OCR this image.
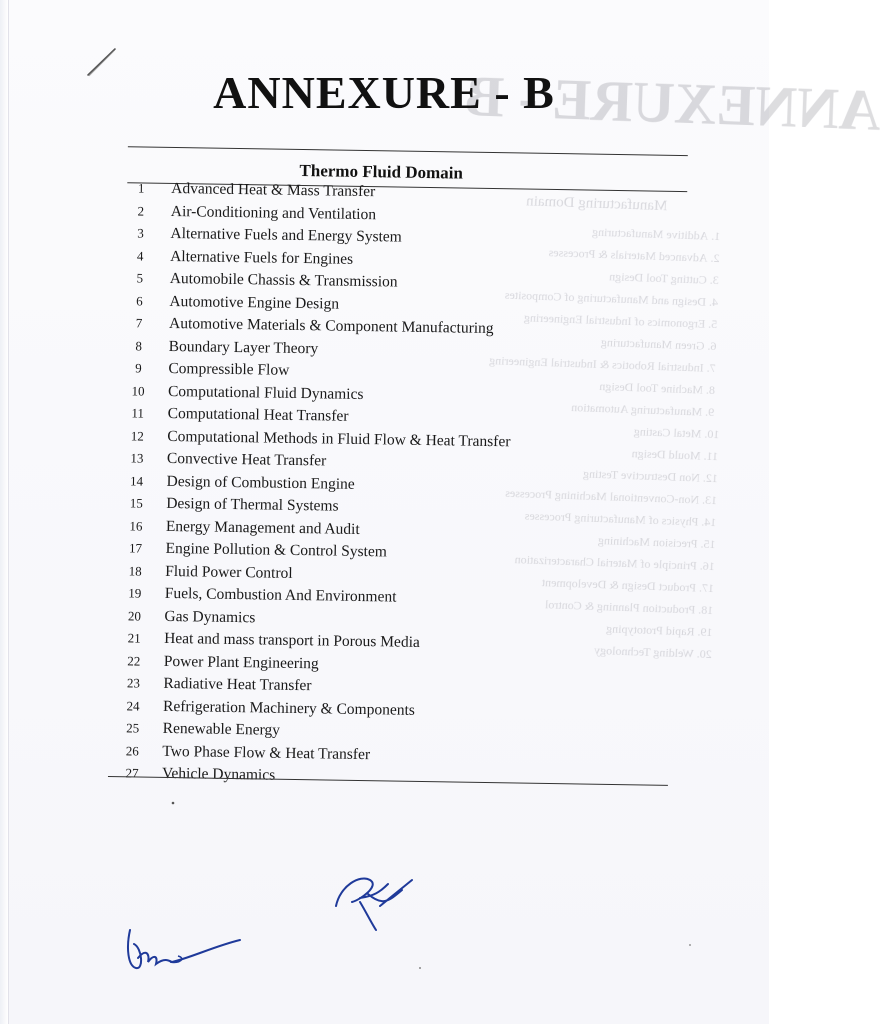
ANNEXURE - B
Manufacturing Domain
1. Additive Manufacturing
2. Advanced Materials & Processes
3. Cutting Tool Design
4. Design and Manufacturing of Composites
5. Ergonomics of Industrial Engineering
6. Green Manufacturing
7. Industrial Robotics & Industrial Engineering
8. Machine Tool Design
9. Manufacturing Automation
10. Metal Casting
11. Mould Design
12. Non Destructive Testing
13. Non-Conventional Machining Processes
14. Physics of Manufacturing Processes
15. Precision Machining
16. Principle of Material Characterization
17. Product Design & Development
18. Production Planning & Control
19. Rapid Prototyping
20. Welding Technology
ANNEXURE - B
Thermo Fluid Domain
1	Advanced Heat & Mass Transfer
2	Air-Conditioning and Ventilation
3	Alternative Fuels and Energy System
4	Alternative Fuels for Engines
5	Automobile Chassis & Transmission
6	Automotive Engine Design
7	Automotive Materials & Component Manufacturing
8	Boundary Layer Theory
9	Compressible Flow
10	Computational Fluid Dynamics
11	Computational Heat Transfer
12	Computational Methods in Fluid Flow & Heat Transfer
13	Convective Heat Transfer
14	Design of Combustion Engine
15	Design of Thermal Systems
16	Energy Management and Audit
17	Engine Pollution & Control System
18	Fluid Power Control
19	Fuels, Combustion And Environment
20	Gas Dynamics
21	Heat and mass transport in Porous Media
22	Power Plant Engineering
23	Radiative Heat Transfer
24	Refrigeration Machinery & Components
25	Renewable Energy
26	Two Phase Flow & Heat Transfer
27	Vehicle Dynamics
